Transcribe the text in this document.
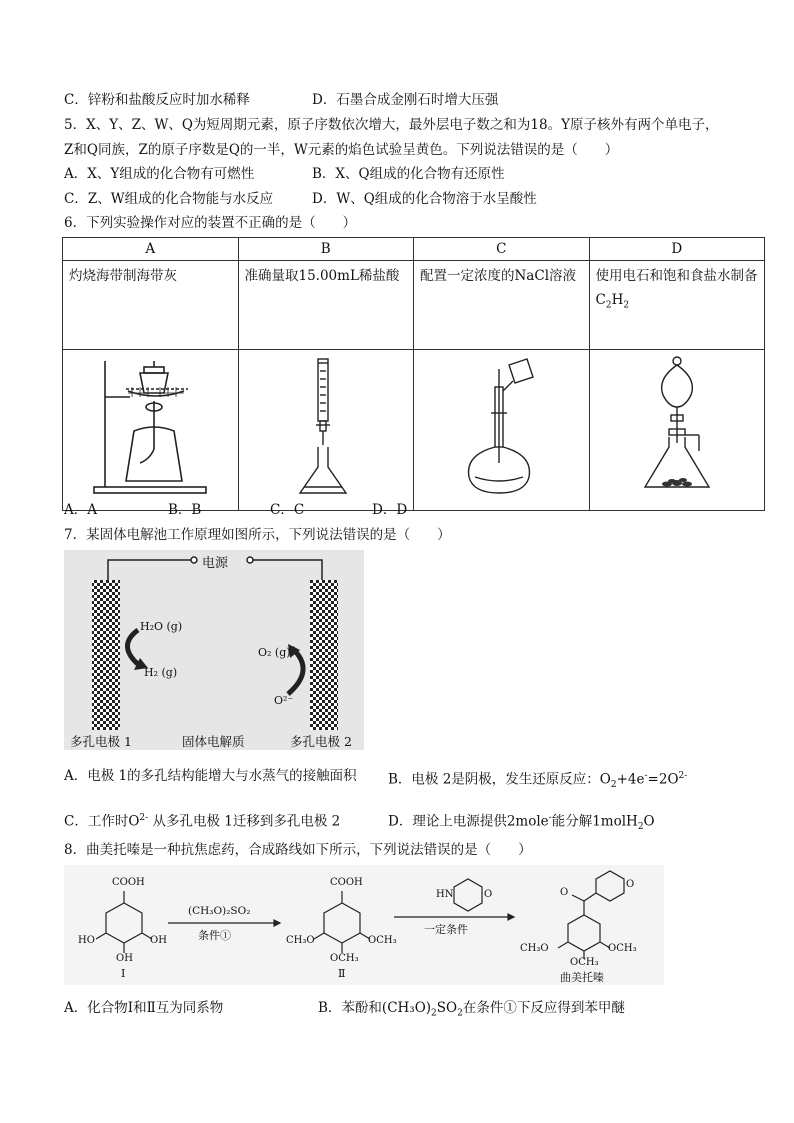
C．锌粉和盐酸反应时加水稀释	D．石墨合成金刚石时增大压强
5．X、Y、Z、W、Q为短周期元素，原子序数依次增大，最外层电子数之和为18。Y原子核外有两个单电子，
Z和Q同族，Z的原子序数是Q的一半，W元素的焰色试验呈黄色。下列说法错误的是（　　）
A．X、Y组成的化合物有可燃性	B．X、Q组成的化合物有还原性
C．Z、W组成的化合物能与水反应	D．W、Q组成的化合物溶于水呈酸性
6．下列实验操作对应的装置不正确的是（　　）
A	B	C	D
灼烧海带制海带灰	准确量取15.00mL稀盐酸	配置一定浓度的NaCl溶液	使用电石和饱和食盐水制备$C_2H_2$

A．A	B．B	C．C	D．D
7．某固体电解池工作原理如图所示，下列说法错误的是（　　）
电源
H₂O (g)
H₂ (g)
O₂ (g)
O²⁻
多孔电极 1	固体电解质	多孔电极 2
A．电极 1的多孔结构能增大与水蒸气的接触面积 B．电极 2是阴极，发生还原反应：$O_2+4e^-=2O^{2-}$
C．工作时$O^{2-}$ 从多孔电极 1迁移到多孔电极 2	D．理论上电源提供2mole-能分解1molH$_2$O
8．曲美托嗪是一种抗焦虑药，合成路线如下所示，下列说法错误的是（　　）
COOH
HO	OH
OH
I
(CH₃O)₂SO₂
条件①
COOH
CH₃O	OCH₃
OCH₃
Ⅱ
HN	O
一定条件
O
O
CH₃O	OCH₃
OCH₃
曲美托嗪
A．化合物I和Ⅱ互为同系物	B．苯酚和$(CH_3O)_2SO_2$在条件①下反应得到苯甲醚
